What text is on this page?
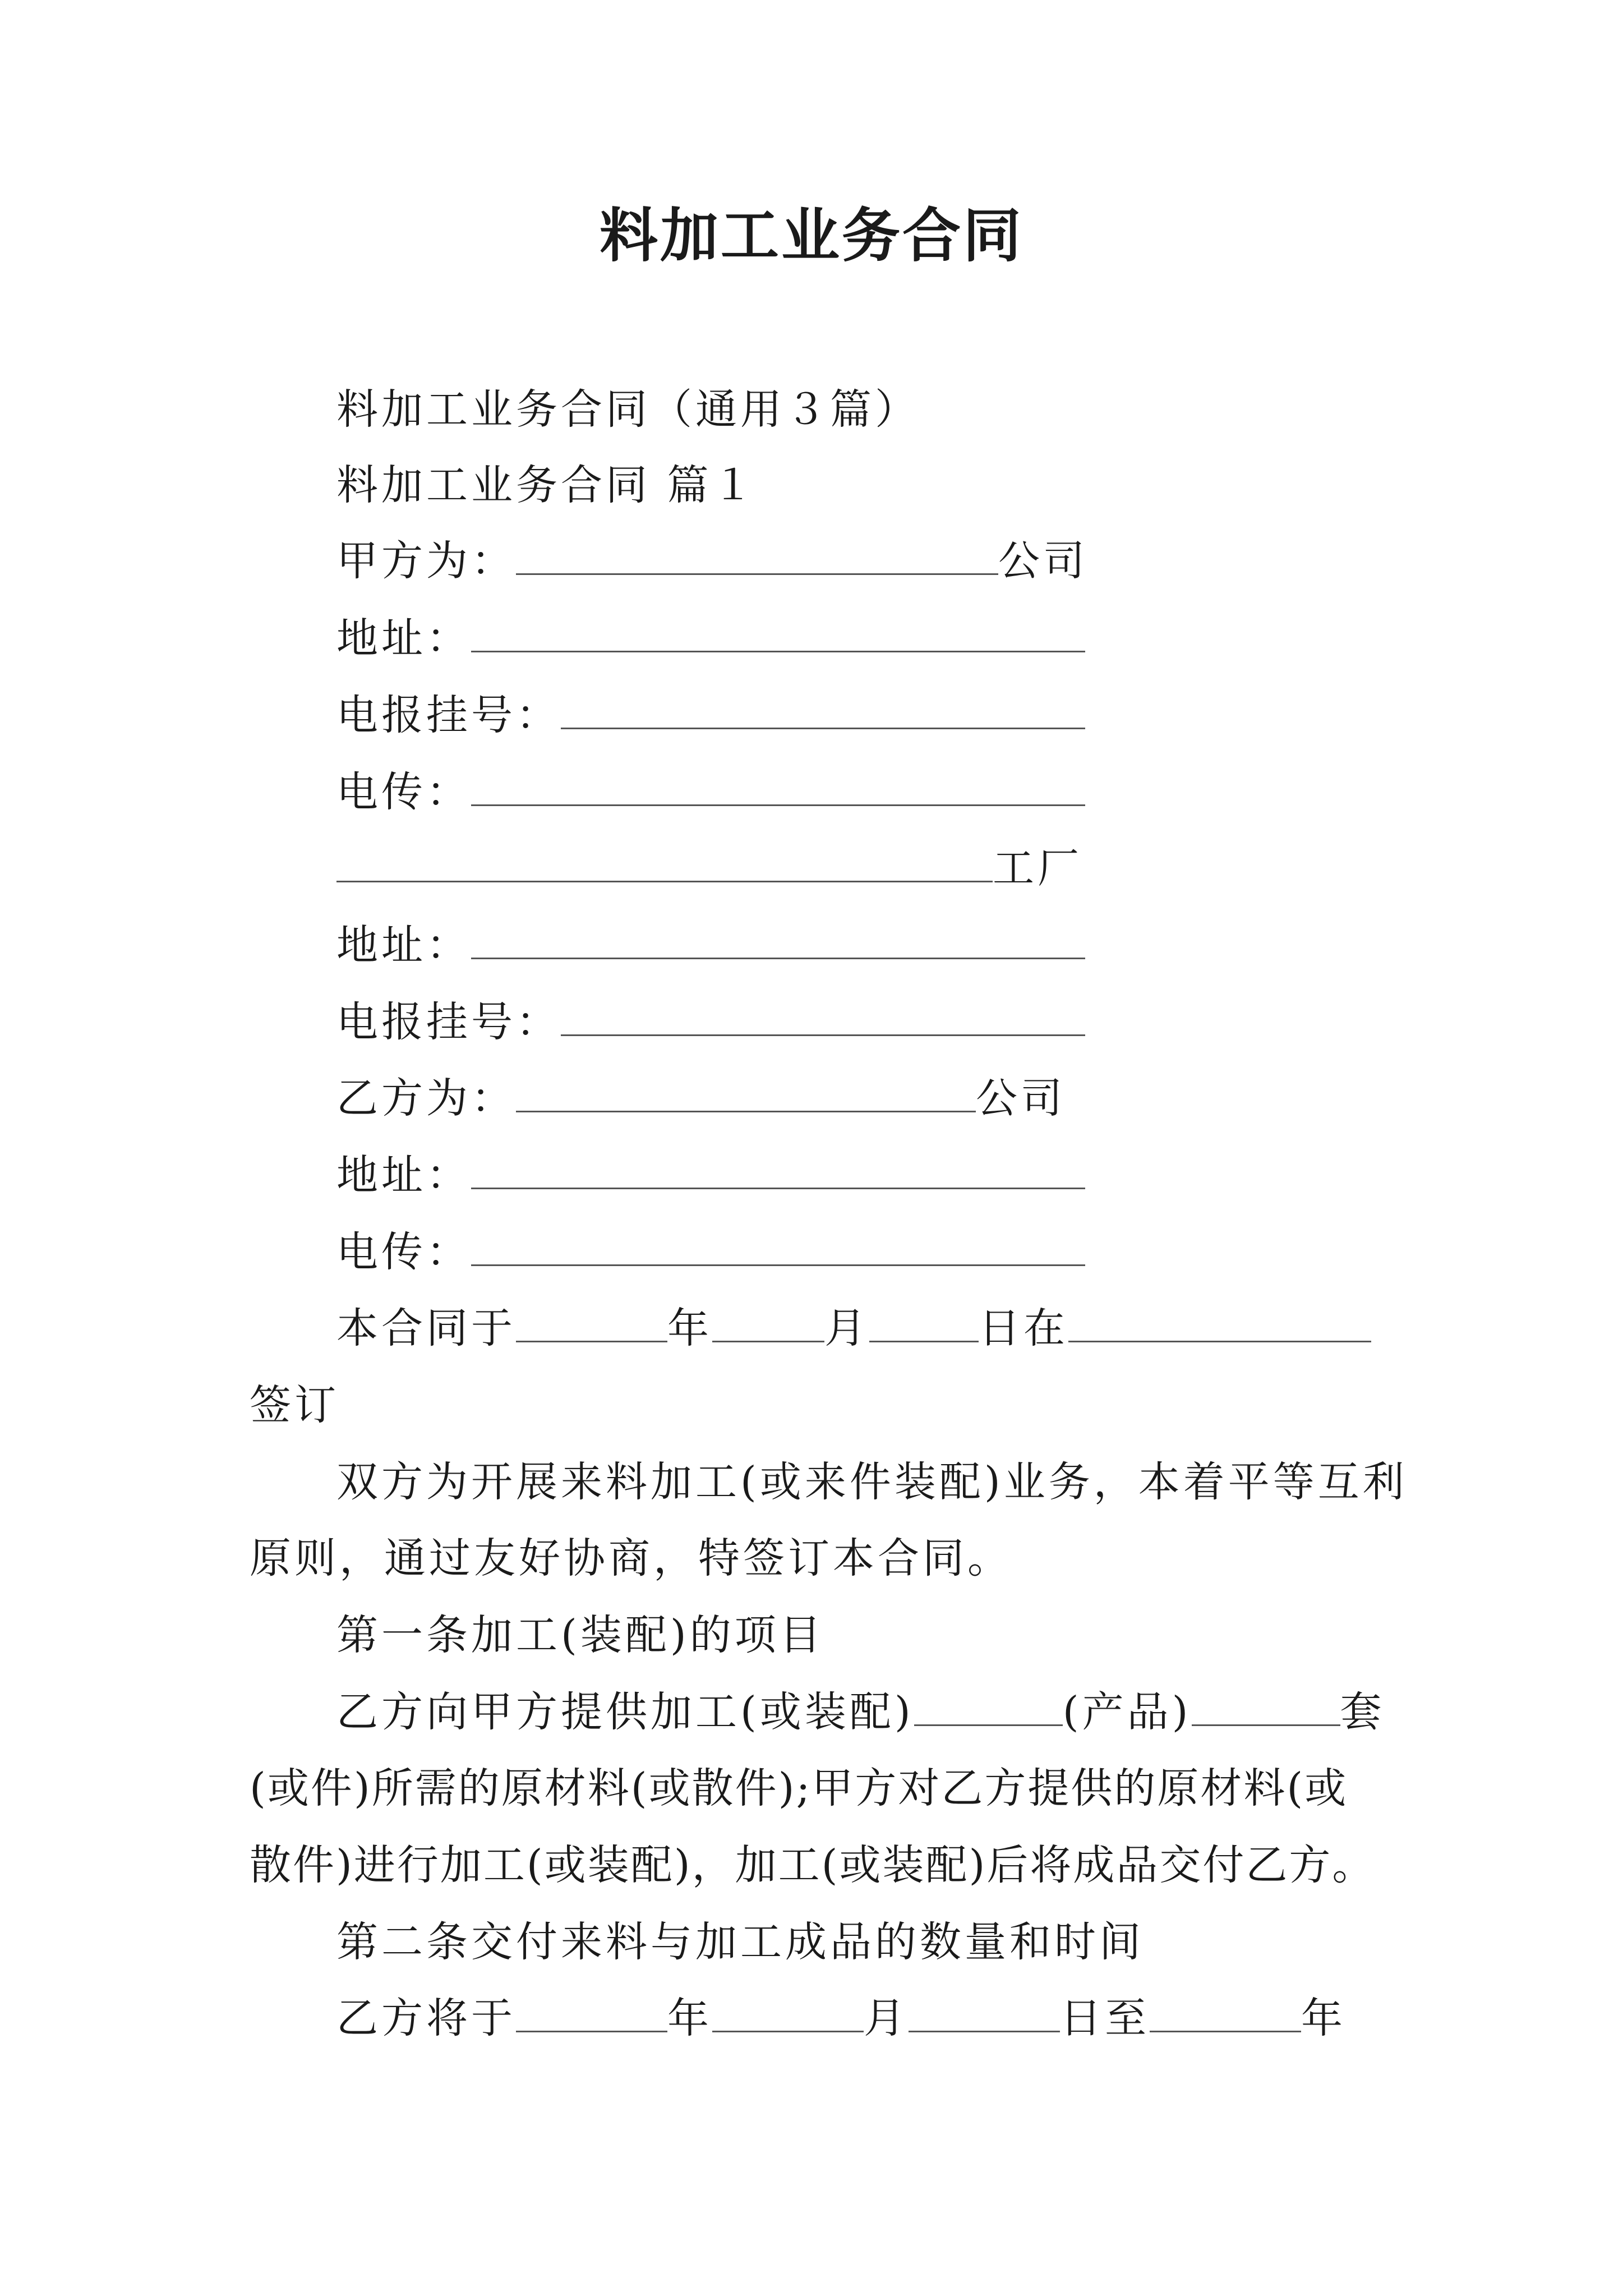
料加工业务合同
料加工业务合同（通用３篇）
料加工业务合同 篇１
甲方为：	公司
地址：
电报挂号：
电传：
工厂
地址：
电报挂号：
乙方为：	公司
地址：
电传：
本合同于	年	月	日在
签订
双方为开展来料加工(或来件装配)业务，本着平等互利
原则，通过友好协商，特签订本合同。
第一条加工(装配)的项目
乙方向甲方提供加工(或装配)	(产品)	套
(或件)所需的原材料(或散件);甲方对乙方提供的原材料(或
散件)进行加工(或装配)，加工(或装配)后将成品交付乙方。
第二条交付来料与加工成品的数量和时间
乙方将于	年	月	日至	年
